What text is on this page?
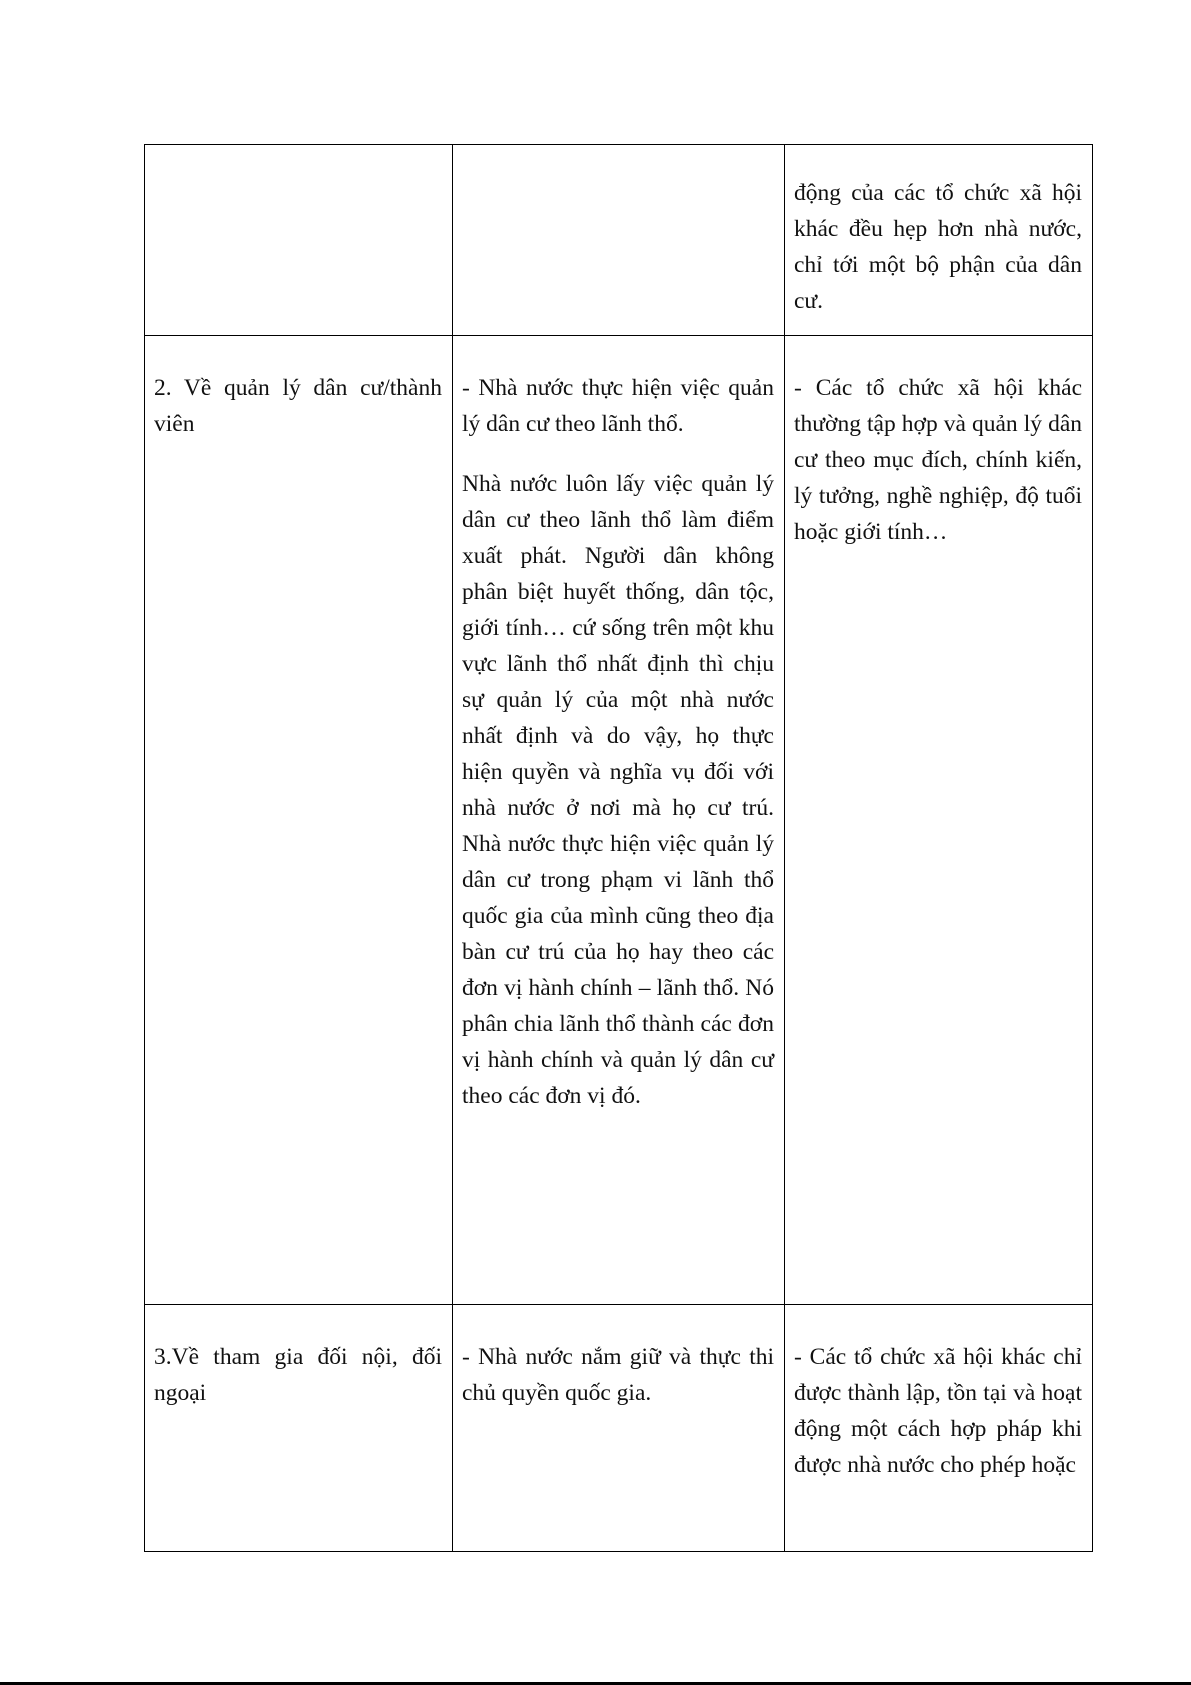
		động của các tổ chức xã hội khác đều hẹp hơn nhà nước, chỉ tới một bộ phận của dân cư.

2. Về quản lý dân cư/thành viên	- Nhà nước thực hiện việc quản lý dân cư theo lãnh thổ.

Nhà nước luôn lấy việc quản lý dân cư theo lãnh thổ làm điểm xuất phát. Người dân không phân biệt huyết thống, dân tộc, giới tính… cứ sống trên một khu vực lãnh thổ nhất định thì chịu sự quản lý của một nhà nước nhất định và do vậy, họ thực hiện quyền và nghĩa vụ đối với nhà nước ở nơi mà họ cư trú. Nhà nước thực hiện việc quản lý dân cư trong phạm vi lãnh thổ quốc gia của mình cũng theo địa bàn cư trú của họ hay theo các đơn vị hành chính – lãnh thổ. Nó phân chia lãnh thổ thành các đơn vị hành chính và quản lý dân cư theo các đơn vị đó.	- Các tổ chức xã hội khác thường tập hợp và quản lý dân cư theo mục đích, chính kiến, lý tưởng, nghề nghiệp, độ tuổi hoặc giới tính…

3.Về tham gia đối nội, đối ngoại	- Nhà nước nắm giữ và thực thi chủ quyền quốc gia.	- Các tổ chức xã hội khác chỉ được thành lập, tồn tại và hoạt động một cách hợp pháp khi được nhà nước cho phép hoặc
